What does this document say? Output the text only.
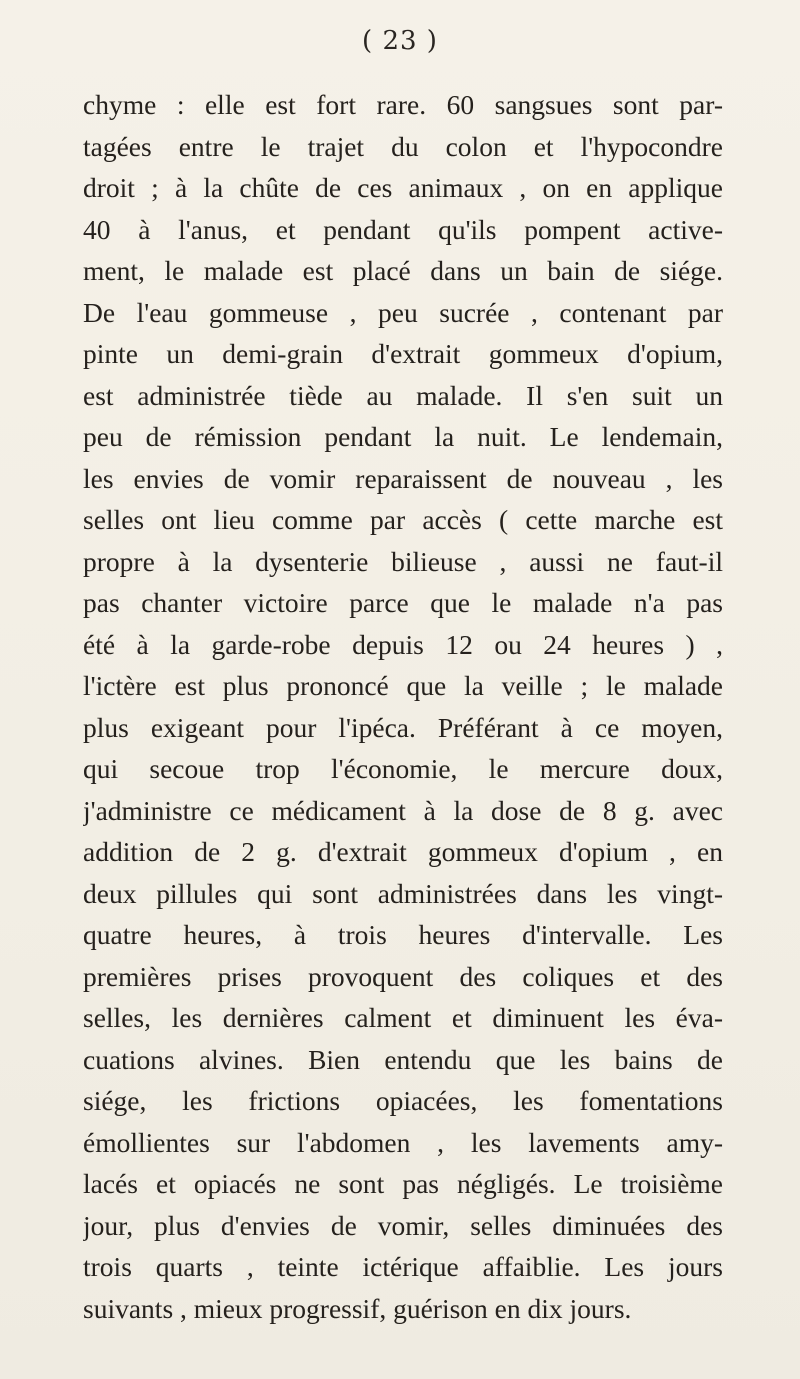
( 23 )
chyme : elle est fort rare. 60 sangsues sont par-
tagées entre le trajet du colon et l'hypocondre
droit ; à la chûte de ces animaux , on en applique
40 à l'anus, et pendant qu'ils pompent active-
ment, le malade est placé dans un bain de siége.
De l'eau gommeuse , peu sucrée , contenant par
pinte un demi-grain d'extrait gommeux d'opium,
est administrée tiède au malade. Il s'en suit un
peu de rémission pendant la nuit. Le lendemain,
les envies de vomir reparaissent de nouveau , les
selles ont lieu comme par accès ( cette marche est
propre à la dysenterie bilieuse , aussi ne faut-il
pas chanter victoire parce que le malade n'a pas
été à la garde-robe depuis 12 ou 24 heures ) ,
l'ictère est plus prononcé que la veille ; le malade
plus exigeant pour l'ipéca. Préférant à ce moyen,
qui secoue trop l'économie, le mercure doux,
j'administre ce médicament à la dose de 8 g. avec
addition de 2 g. d'extrait gommeux d'opium , en
deux pillules qui sont administrées dans les vingt-
quatre heures, à trois heures d'intervalle. Les
premières prises provoquent des coliques et des
selles, les dernières calment et diminuent les éva-
cuations alvines. Bien entendu que les bains de
siége, les frictions opiacées, les fomentations
émollientes sur l'abdomen , les lavements amy-
lacés et opiacés ne sont pas négligés. Le troisième
jour, plus d'envies de vomir, selles diminuées des
trois quarts , teinte ictérique affaiblie. Les jours
suivants , mieux progressif, guérison en dix jours.
